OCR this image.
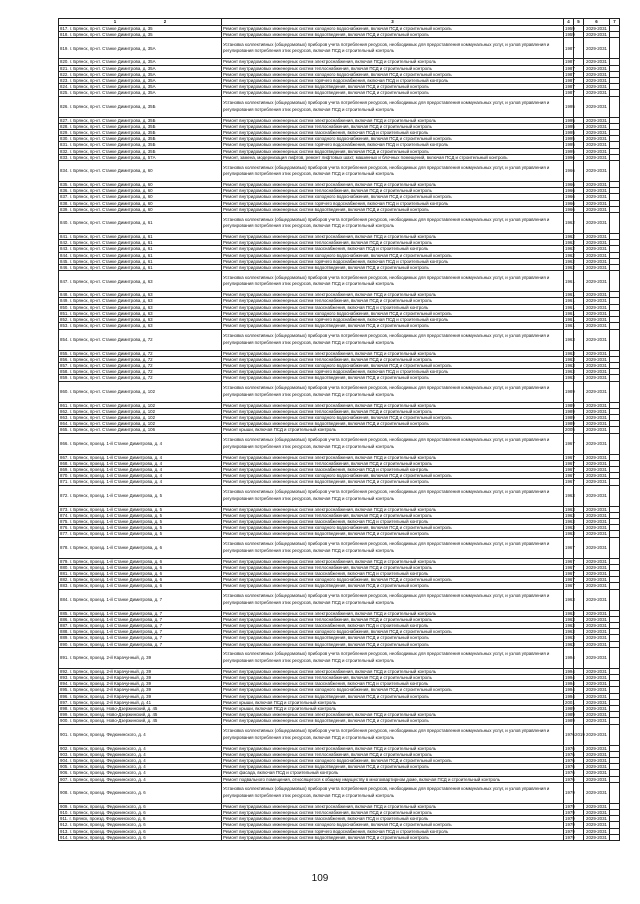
1 2	3	4	5	6	7
817. г. Брянск, пр-кт. Станке Димитрова, д. 35	Ремонт внутридомовых инженерных систем холодного водоснабжения, включая ПСД и строительный контроль	1959		2029-2031	
818. г. Брянск, пр-кт. Станке Димитрова, д. 35	Ремонт внутридомовых инженерных систем водоотведения, включая ПСД и строительный контроль	1959		2029-2031	
819. г. Брянск, пр-кт. Станке Димитрова, д. 35А	Установка коллективных (общедомовых) приборов учета потребления ресурсов, необходимых для предоставления коммунальных услуг, и узлов управления и регулирования потребления этих ресурсов, включая ПСД и строительный контроль	1987		2029-2031	
820. г. Брянск, пр-кт. Станке Димитрова, д. 35А	Ремонт внутридомовых инженерных систем электроснабжения, включая ПСД и строительный контроль	1987		2029-2031	
821. г. Брянск, пр-кт. Станке Димитрова, д. 35А	Ремонт внутридомовых инженерных систем теплоснабжения, включая ПСД и строительный контроль	1987		2029-2031	
822. г. Брянск, пр-кт. Станке Димитрова, д. 35А	Ремонт внутридомовых инженерных систем холодного водоснабжения, включая ПСД и строительный контроль	1987		2029-2031	
823. г. Брянск, пр-кт. Станке Димитрова, д. 35А	Ремонт внутридомовых инженерных систем горячего водоснабжения, включая ПСД и строительный контроль	1987		2029-2031	
824. г. Брянск, пр-кт. Станке Димитрова, д. 35А	Ремонт внутридомовых инженерных систем водоотведения, включая ПСД и строительный контроль	1987		2029-2031	
825. г. Брянск, пр-кт. Станке Димитрова, д. 35А	Ремонт внутридомовых инженерных систем водоотведения, включая ПСД и строительный контроль	1987		2029-2031	
826. г. Брянск, пр-кт. Станке Димитрова, д. 35Б	Установка коллективных (общедомовых) приборов учета потребления ресурсов, необходимых для предоставления коммунальных услуг, и узлов управления и регулирования потребления этих ресурсов, включая ПСД и строительный контроль	1995		2029-2031	
827. г. Брянск, пр-кт. Станке Димитрова, д. 35Б	Ремонт внутридомовых инженерных систем электроснабжения, включая ПСД и строительный контроль	1995		2029-2031	
828. г. Брянск, пр-кт. Станке Димитрова, д. 35Б	Ремонт внутридомовых инженерных систем теплоснабжения, включая ПСД и строительный контроль	1995		2029-2031	
829. г. Брянск, пр-кт. Станке Димитрова, д. 35Б	Ремонт внутридомовых инженерных систем газоснабжения, включая ПСД и строительный контроль	1995		2029-2031	
830. г. Брянск, пр-кт. Станке Димитрова, д. 35Б	Ремонт внутридомовых инженерных систем холодного водоснабжения, включая ПСД и строительный контроль	1995		2029-2031	
831. г. Брянск, пр-кт. Станке Димитрова, д. 35Б	Ремонт внутридомовых инженерных систем горячего водоснабжения, включая ПСД и строительный контроль	1995		2029-2031	
832. г. Брянск, пр-кт. Станке Димитрова, д. 35Б	Ремонт внутридомовых инженерных систем водоотведения, включая ПСД и строительный контроль	1995		2029-2031	
833. г. Брянск, пр-кт. Станке Димитрова, д. 57А	Ремонт, замена, модернизация лифтов, ремонт лифтовых шахт, машинных и блочных помещений, включая ПСД и строительный контроль	1996		2029-2031	
834. г. Брянск, пр-кт. Станке Димитрова, д. 60	Установка коллективных (общедомовых) приборов учета потребления ресурсов, необходимых для предоставления коммунальных услуг, и узлов управления и регулирования потребления этих ресурсов, включая ПСД и строительный контроль	1966		2029-2031	
835. г. Брянск, пр-кт. Станке Димитрова, д. 60	Ремонт внутридомовых инженерных систем электроснабжения, включая ПСД и строительный контроль	1966		2029-2031	
836. г. Брянск, пр-кт. Станке Димитрова, д. 60	Ремонт внутридомовых инженерных систем теплоснабжения, включая ПСД и строительный контроль	1966		2029-2031	
837. г. Брянск, пр-кт. Станке Димитрова, д. 60	Ремонт внутридомовых инженерных систем холодного водоснабжения, включая ПСД и строительный контроль	1966		2029-2031	
838. г. Брянск, пр-кт. Станке Димитрова, д. 60	Ремонт внутридомовых инженерных систем горячего водоснабжения, включая ПСД и строительный контроль	1966		2029-2031	
839. г. Брянск, пр-кт. Станке Димитрова, д. 60	Ремонт внутридомовых инженерных систем водоотведения, включая ПСД и строительный контроль	1966		2029-2031	
840. г. Брянск, пр-кт. Станке Димитрова, д. 61	Установка коллективных (общедомовых) приборов учета потребления ресурсов, необходимых для предоставления коммунальных услуг, и узлов управления и регулирования потребления этих ресурсов, включая ПСД и строительный контроль	1962		2029-2031	
841. г. Брянск, пр-кт. Станке Димитрова, д. 61	Ремонт внутридомовых инженерных систем электроснабжения, включая ПСД и строительный контроль	1962		2029-2031	
842. г. Брянск, пр-кт. Станке Димитрова, д. 61	Ремонт внутридомовых инженерных систем теплоснабжения, включая ПСД и строительный контроль	1962		2029-2031	
843. г. Брянск, пр-кт. Станке Димитрова, д. 61	Ремонт внутридомовых инженерных систем газоснабжения, включая ПСД и строительный контроль	1962		2029-2031	
844. г. Брянск, пр-кт. Станке Димитрова, д. 61	Ремонт внутридомовых инженерных систем холодного водоснабжения, включая ПСД и строительный контроль	1962		2029-2031	
845. г. Брянск, пр-кт. Станке Димитрова, д. 61	Ремонт внутридомовых инженерных систем горячего водоснабжения, включая ПСД и строительный контроль	1962		2029-2031	
846. г. Брянск, пр-кт. Станке Димитрова, д. 61	Ремонт внутридомовых инженерных систем водоотведения, включая ПСД и строительный контроль	1962		2029-2031	
847. г. Брянск, пр-кт. Станке Димитрова, д. 63	Установка коллективных (общедомовых) приборов учета потребления ресурсов, необходимых для предоставления коммунальных услуг, и узлов управления и регулирования потребления этих ресурсов, включая ПСД и строительный контроль	1961		2029-2031	
848. г. Брянск, пр-кт. Станке Димитрова, д. 63	Ремонт внутридомовых инженерных систем электроснабжения, включая ПСД и строительный контроль	1961		2029-2031	
849. г. Брянск, пр-кт. Станке Димитрова, д. 63	Ремонт внутридомовых инженерных систем теплоснабжения, включая ПСД и строительный контроль	1961		2029-2031	
850. г. Брянск, пр-кт. Станке Димитрова, д. 63	Ремонт внутридомовых инженерных систем газоснабжения, включая ПСД и строительный контроль	1961		2029-2031	
851. г. Брянск, пр-кт. Станке Димитрова, д. 63	Ремонт внутридомовых инженерных систем холодного водоснабжения, включая ПСД и строительный контроль	1961		2029-2031	
852. г. Брянск, пр-кт. Станке Димитрова, д. 63	Ремонт внутридомовых инженерных систем горячего водоснабжения, включая ПСД и строительный контроль	1961		2029-2031	
853. г. Брянск, пр-кт. Станке Димитрова, д. 63	Ремонт внутридомовых инженерных систем водоотведения, включая ПСД и строительный контроль	1961		2029-2031	
854. г. Брянск, пр-кт. Станке Димитрова, д. 72	Установка коллективных (общедомовых) приборов учета потребления ресурсов, необходимых для предоставления коммунальных услуг, и узлов управления и регулирования потребления этих ресурсов, включая ПСД и строительный контроль	1963		2029-2031	
855. г. Брянск, пр-кт. Станке Димитрова, д. 72	Ремонт внутридомовых инженерных систем электроснабжения, включая ПСД и строительный контроль	1963		2029-2031	
856. г. Брянск, пр-кт. Станке Димитрова, д. 72	Ремонт внутридомовых инженерных систем теплоснабжения, включая ПСД и строительный контроль	1963		2029-2031	
857. г. Брянск, пр-кт. Станке Димитрова, д. 72	Ремонт внутридомовых инженерных систем холодного водоснабжения, включая ПСД и строительный контроль	1963		2029-2031	
858. г. Брянск, пр-кт. Станке Димитрова, д. 72	Ремонт внутридомовых инженерных систем горячего водоснабжения, включая ПСД и строительный контроль	1963		2029-2031	
859. г. Брянск, пр-кт. Станке Димитрова, д. 72	Ремонт внутридомовых инженерных систем водоотведения, включая ПСД и строительный контроль	1963		2029-2031	
860. г. Брянск, пр-кт. Станке Димитрова, д. 102	Установка коллективных (общедомовых) приборов учета потребления ресурсов, необходимых для предоставления коммунальных услуг, и узлов управления и регулирования потребления этих ресурсов, включая ПСД и строительный контроль	1989		2029-2031	
861. г. Брянск, пр-кт. Станке Димитрова, д. 102	Ремонт внутридомовых инженерных систем электроснабжения, включая ПСД и строительный контроль	1989		2029-2031	
862. г. Брянск, пр-кт. Станке Димитрова, д. 102	Ремонт внутридомовых инженерных систем теплоснабжения, включая ПСД и строительный контроль	1989		2029-2031	
863. г. Брянск, пр-кт. Станке Димитрова, д. 102	Ремонт внутридомовых инженерных систем холодного водоснабжения, включая ПСД и строительный контроль	1989		2029-2031	
864. г. Брянск, пр-кт. Станке Димитрова, д. 102	Ремонт внутридомовых инженерных систем водоотведения, включая ПСД и строительный контроль	1989		2029-2031	
865. г. Брянск, пр-кт. Станке Димитрова, д. 106	Ремонт крыши, включая ПСД и строительный контроль	2005		2029-2031	
866. г. Брянск, проезд. 1-й Станке Димитрова, д. 4	Установка коллективных (общедомовых) приборов учета потребления ресурсов, необходимых для предоставления коммунальных услуг, и узлов управления и регулирования потребления этих ресурсов, включая ПСД и строительный контроль	1967		2029-2031	
867. г. Брянск, проезд. 1-й Станке Димитрова, д. 4	Ремонт внутридомовых инженерных систем электроснабжения, включая ПСД и строительный контроль	1967		2029-2031	
868. г. Брянск, проезд. 1-й Станке Димитрова, д. 4	Ремонт внутридомовых инженерных систем теплоснабжения, включая ПСД и строительный контроль	1967		2029-2031	
869. г. Брянск, проезд. 1-й Станке Димитрова, д. 4	Ремонт внутридомовых инженерных систем газоснабжения, включая ПСД и строительный контроль	1967		2029-2031	
870. г. Брянск, проезд. 1-й Станке Димитрова, д. 4	Ремонт внутридомовых инженерных систем холодного водоснабжения, включая ПСД и строительный контроль	1967		2029-2031	
871. г. Брянск, проезд. 1-й Станке Димитрова, д. 4	Ремонт внутридомовых инженерных систем водоотведения, включая ПСД и строительный контроль	1967		2029-2031	
872. г. Брянск, проезд. 1-й Станке Димитрова, д. 5	Установка коллективных (общедомовых) приборов учета потребления ресурсов, необходимых для предоставления коммунальных услуг, и узлов управления и регулирования потребления этих ресурсов, включая ПСД и строительный контроль	1963		2029-2031	
873. г. Брянск, проезд. 1-й Станке Димитрова, д. 5	Ремонт внутридомовых инженерных систем электроснабжения, включая ПСД и строительный контроль	1963		2029-2031	
874. г. Брянск, проезд. 1-й Станке Димитрова, д. 5	Ремонт внутридомовых инженерных систем теплоснабжения, включая ПСД и строительный контроль	1963		2029-2031	
875. г. Брянск, проезд. 1-й Станке Димитрова, д. 5	Ремонт внутридомовых инженерных систем газоснабжения, включая ПСД и строительный контроль	1963		2029-2031	
876. г. Брянск, проезд. 1-й Станке Димитрова, д. 5	Ремонт внутридомовых инженерных систем холодного водоснабжения, включая ПСД и строительный контроль	1963		2029-2031	
877. г. Брянск, проезд. 1-й Станке Димитрова, д. 5	Ремонт внутридомовых инженерных систем водоотведения, включая ПСД и строительный контроль	1963		2029-2031	
878. г. Брянск, проезд. 1-й Станке Димитрова, д. 6	Установка коллективных (общедомовых) приборов учета потребления ресурсов, необходимых для предоставления коммунальных услуг, и узлов управления и регулирования потребления этих ресурсов, включая ПСД и строительный контроль	1967		2029-2031	
879. г. Брянск, проезд. 1-й Станке Димитрова, д. 6	Ремонт внутридомовых инженерных систем электроснабжения, включая ПСД и строительный контроль	1967		2029-2031	
880. г. Брянск, проезд. 1-й Станке Димитрова, д. 6	Ремонт внутридомовых инженерных систем теплоснабжения, включая ПСД и строительный контроль	1967		2029-2031	
881. г. Брянск, проезд. 1-й Станке Димитрова, д. 6	Ремонт внутридомовых инженерных систем газоснабжения, включая ПСД и строительный контроль	1967		2029-2031	
882. г. Брянск, проезд. 1-й Станке Димитрова, д. 6	Ремонт внутридомовых инженерных систем холодного водоснабжения, включая ПСД и строительный контроль	1967		2029-2031	
883. г. Брянск, проезд. 1-й Станке Димитрова, д. 6	Ремонт внутридомовых инженерных систем водоотведения, включая ПСД и строительный контроль	1967		2029-2031	
884. г. Брянск, проезд. 1-й Станке Димитрова, д. 7	Установка коллективных (общедомовых) приборов учета потребления ресурсов, необходимых для предоставления коммунальных услуг, и узлов управления и регулирования потребления этих ресурсов, включая ПСД и строительный контроль	1963		2029-2031	
885. г. Брянск, проезд. 1-й Станке Димитрова, д. 7	Ремонт внутридомовых инженерных систем электроснабжения, включая ПСД и строительный контроль	1963		2029-2031	
886. г. Брянск, проезд. 1-й Станке Димитрова, д. 7	Ремонт внутридомовых инженерных систем теплоснабжения, включая ПСД и строительный контроль	1963		2029-2031	
887. г. Брянск, проезд. 1-й Станке Димитрова, д. 7	Ремонт внутридомовых инженерных систем газоснабжения, включая ПСД и строительный контроль	1963		2029-2031	
888. г. Брянск, проезд. 1-й Станке Димитрова, д. 7	Ремонт внутридомовых инженерных систем холодного водоснабжения, включая ПСД и строительный контроль	1963		2029-2031	
889. г. Брянск, проезд. 1-й Станке Димитрова, д. 7	Ремонт внутридомовых инженерных систем водоотведения, включая ПСД и строительный контроль	1963		2029-2031	
890. г. Брянск, проезд. 1-й Станке Димитрова, д. 7	Ремонт внутридомовых инженерных систем водоотведения, включая ПСД и строительный контроль	1963		2029-2031	
891. г. Брянск, проезд. 2-й Карачунный, д. 39	Установка коллективных (общедомовых) приборов учета потребления ресурсов, необходимых для предоставления коммунальных услуг, и узлов управления и регулирования потребления этих ресурсов, включая ПСД и строительный контроль	1994		2029-2031	
892. г. Брянск, проезд. 2-й Карачунный, д. 39	Ремонт внутридомовых инженерных систем электроснабжения, включая ПСД и строительный контроль	1994		2029-2031	
893. г. Брянск, проезд. 2-й Карачунный, д. 39	Ремонт внутридомовых инженерных систем теплоснабжения, включая ПСД и строительный контроль	1994		2029-2031	
894. г. Брянск, проезд. 2-й Карачунный, д. 39	Ремонт внутридомовых инженерных систем газоснабжения, включая ПСД и строительный контроль	1994		2029-2031	
895. г. Брянск, проезд. 2-й Карачунный, д. 39	Ремонт внутридомовых инженерных систем холодного водоснабжения, включая ПСД и строительный контроль	1994		2029-2031	
896. г. Брянск, проезд. 2-й Карачунный, д. 39	Ремонт внутридомовых инженерных систем водоотведения, включая ПСД и строительный контроль	1994		2029-2031	
897. г. Брянск, проезд. 2-й Карачунный, д. 41	Ремонт крыши, включая ПСД и строительный контроль	2001		2029-2031	
898. г. Брянск, проезд. Ново-Дзержинский, д. 45	Ремонт крыши, включая ПСД и строительный контроль	1989		2029-2031	
899. г. Брянск, проезд. Ново-Дзержинский, д. 45	Ремонт внутридомовых инженерных систем электроснабжения, включая ПСД и строительный контроль	1989		2029-2031	
900. г. Брянск, проезд. Ново-Дзержинский, д. 45	Ремонт внутридомовых инженерных систем водоотведения, включая ПСД и строительный контроль	1989		2029-2031	
901. г. Брянск, проезд. Федюнинского, д. 4	Установка коллективных (общедомовых) приборов учета потребления ресурсов, необходимых для предоставления коммунальных услуг, и узлов управления и регулирования потребления этих ресурсов, включая ПСД и строительный контроль	1976	2019	2029-2031	
902. г. Брянск, проезд. Федюнинского, д. 4	Ремонт внутридомовых инженерных систем электроснабжения, включая ПСД и строительный контроль	1976		2029-2031	
903. г. Брянск, проезд. Федюнинского, д. 4	Ремонт внутридомовых инженерных систем теплоснабжения, включая ПСД и строительный контроль	1976		2029-2031	
904. г. Брянск, проезд. Федюнинского, д. 4	Ремонт внутридомовых инженерных систем холодного водоснабжения, включая ПСД и строительный контроль	1976		2029-2031	
905. г. Брянск, проезд. Федюнинского, д. 4	Ремонт внутридомовых инженерных систем водоотведения, включая ПСД и строительный контроль	1976		2029-2031	
906. г. Брянск, проезд. Федюнинского, д. 4	Ремонт фасада, включая ПСД и строительный контроль	1976		2029-2031	
907. г. Брянск, проезд. Федюнинского, д. 4	Ремонт подвального помещения, относящегося к общему имуществу в многоквартирном доме, включая ПСД и строительный контроль	1976		2029-2031	
908. г. Брянск, проезд. Федюнинского, д. 6	Установка коллективных (общедомовых) приборов учета потребления ресурсов, необходимых для предоставления коммунальных услуг, и узлов управления и регулирования потребления этих ресурсов, включая ПСД и строительный контроль	1979		2029-2031	
909. г. Брянск, проезд. Федюнинского, д. 6	Ремонт внутридомовых инженерных систем электроснабжения, включая ПСД и строительный контроль	1979		2029-2031	
910. г. Брянск, проезд. Федюнинского, д. 6	Ремонт внутридомовых инженерных систем теплоснабжения, включая ПСД и строительный контроль	1979		2029-2031	
911. г. Брянск, проезд. Федюнинского, д. 6	Ремонт внутридомовых инженерных систем газоснабжения, включая ПСД и строительный контроль	1979		2029-2031	
912. г. Брянск, проезд. Федюнинского, д. 6	Ремонт внутридомовых инженерных систем холодного водоснабжения, включая ПСД и строительный контроль	1979		2029-2031	
913. г. Брянск, проезд. Федюнинского, д. 6	Ремонт внутридомовых инженерных систем горячего водоснабжения, включая ПСД и строительный контроль	1979		2029-2031	
914. г. Брянск, проезд. Федюнинского, д. 6	Ремонт внутридомовых инженерных систем водоотведения, включая ПСД и строительный контроль	1979		2029-2031	
109
